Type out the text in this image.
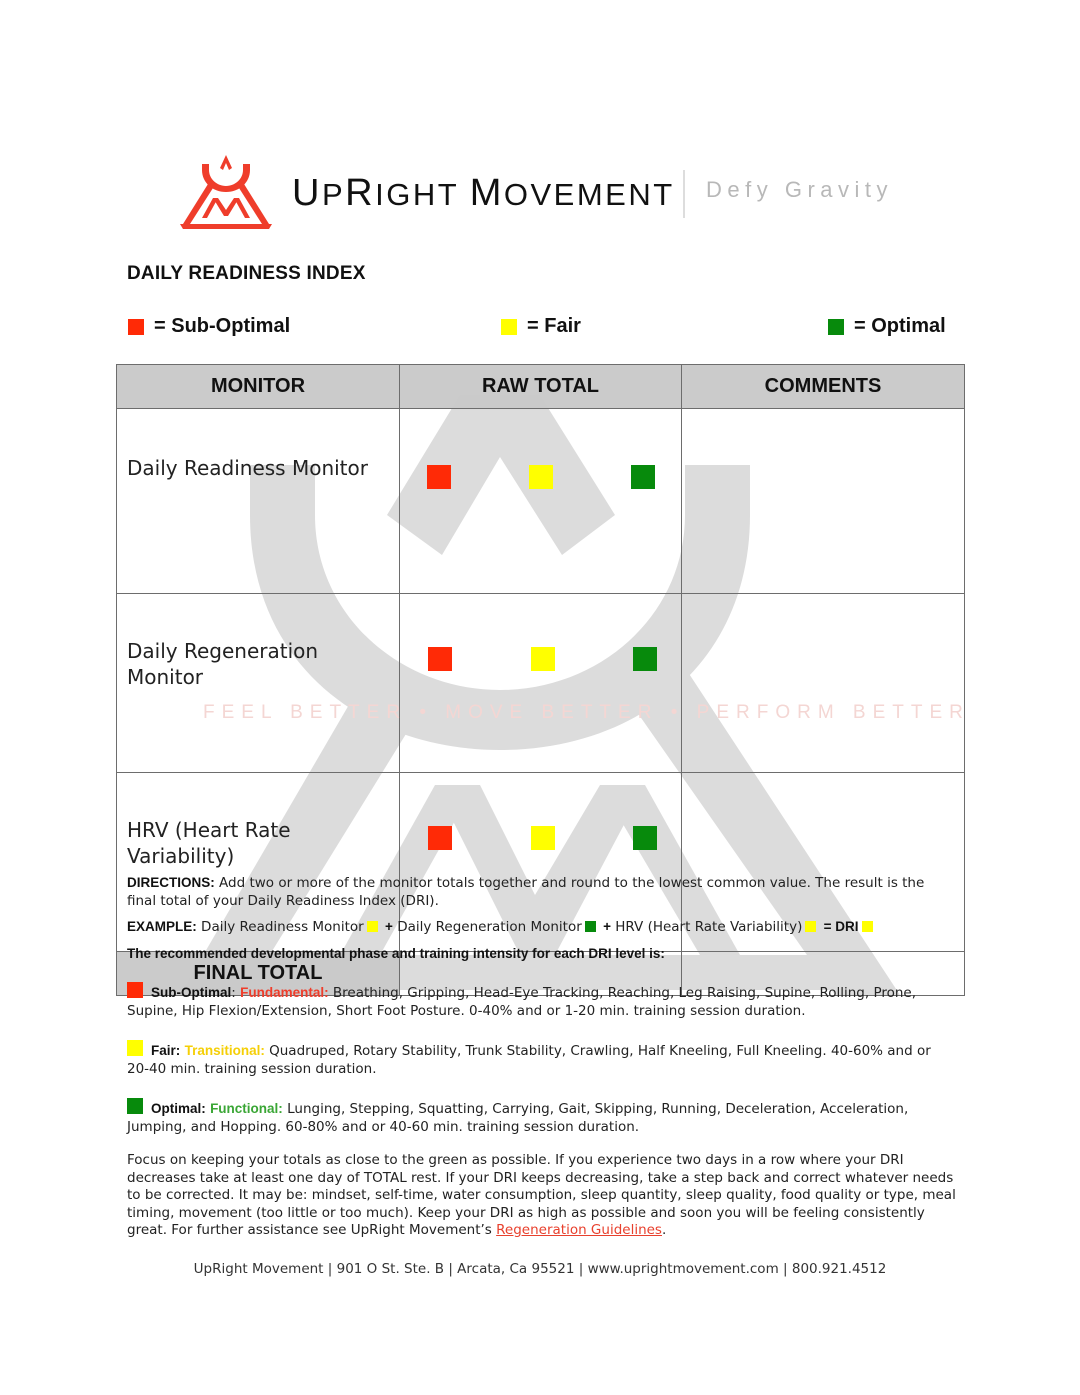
UPRIGHT MOVEMENT Defy Gravity
DAILY READINESS INDEX
= Sub-Optimal	= Fair	= Optimal
FEEL BETTER • MOVE BETTER • PERFORM BETTER
MONITOR	RAW TOTAL	COMMENTS
Daily Readiness Monitor	

Daily Regeneration Monitor	

HRV (Heart Rate Variability)	

FINAL TOTAL		
DIRECTIONS: Add two or more of the monitor totals together and round to the lowest common value. The result is the final total of your Daily Readiness Index (DRI).
EXAMPLE: Daily Readiness Monitor + Daily Regeneration Monitor + HRV (Heart Rate Variability) = DRI
The recommended developmental phase and training intensity for each DRI level is:
Sub-Optimal: Fundamental: Breathing, Gripping, Head-Eye Tracking, Reaching, Leg Raising, Supine, Rolling, Prone, Supine, Hip Flexion/Extension, Short Foot Posture. 0-40% and or 1-20 min. training session duration.
Fair: Transitional: Quadruped, Rotary Stability, Trunk Stability, Crawling, Half Kneeling, Full Kneeling. 40-60% and or 20-40 min. training session duration.
Optimal: Functional: Lunging, Stepping, Squatting, Carrying, Gait, Skipping, Running, Deceleration, Acceleration, Jumping, and Hopping. 60-80% and or 40-60 min. training session duration.
Focus on keeping your totals as close to the green as possible. If you experience two days in a row where your DRI decreases take at least one day of TOTAL rest. If your DRI keeps decreasing, take a step back and correct whatever needs to be corrected. It may be: mindset, self-time, water consumption, sleep quantity, sleep quality, food quality or type, meal timing, movement (too little or too much). Keep your DRI as high as possible and soon you will be feeling consistently great. For further assistance see UpRight Movement’s Regeneration Guidelines.
UpRight Movement | 901 O St. Ste. B | Arcata, Ca 95521 | www.uprightmovement.com | 800.921.4512
